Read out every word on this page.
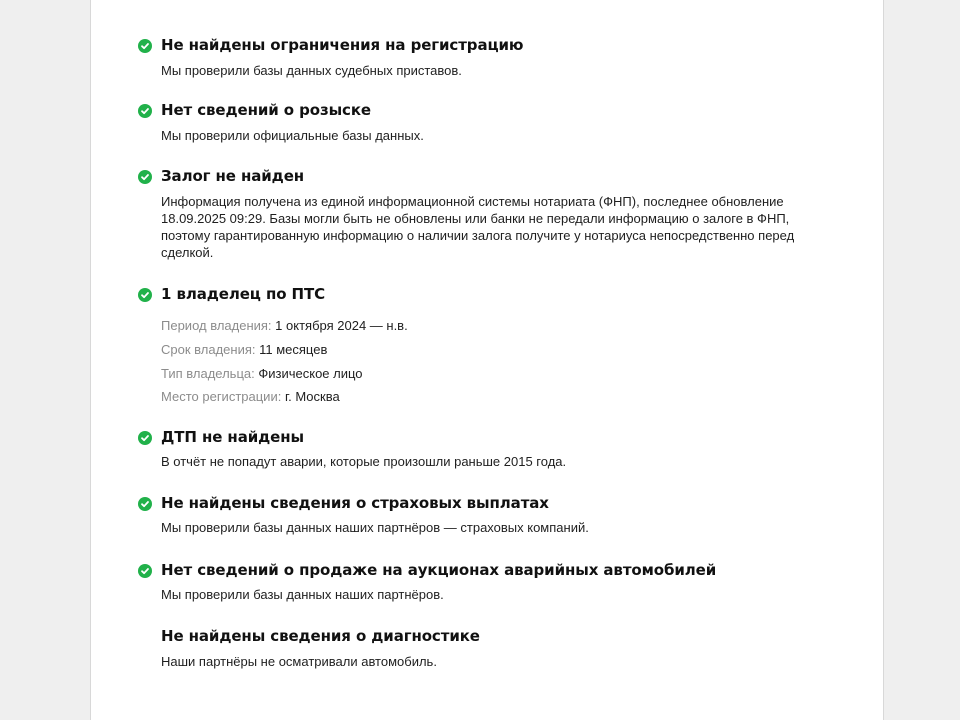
Не найдены ограничения на регистрацию

Мы проверили базы данных судебных приставов.

Нет сведений о розыске

Мы проверили официальные базы данных.

Залог не найден

Информация получена из единой информационной системы нотариата (ФНП), последнее обновление 18.09.2025 09:29. Базы могли быть не обновлены или банки не передали информацию о залоге в ФНП, поэтому гарантированную информацию о наличии залога получите у нотариуса непосредственно перед сделкой.

1 владелец по ПТС

Период владения: 1 октября 2024 — н.в.

Срок владения: 11 месяцев

Тип владельца: Физическое лицо

Место регистрации: г. Москва

ДТП не найдены

В отчёт не попадут аварии, которые произошли раньше 2015 года.

Не найдены сведения о страховых выплатах

Мы проверили базы данных наших партнёров — страховых компаний.

Нет сведений о продаже на аукционах аварийных автомобилей

Мы проверили базы данных наших партнёров.

Не найдены сведения о диагностике

Наши партнёры не осматривали автомобиль.
